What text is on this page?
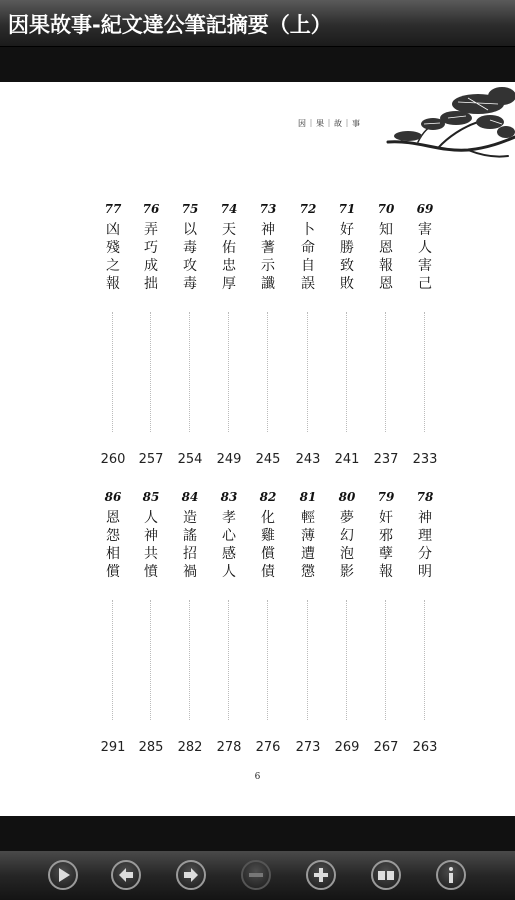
因果故事-紀文達公筆記摘要（上）
因｜果｜故｜事
77
凶
殘
之
報
260
76
弄
巧
成
拙
257
75
以
毒
攻
毒
254
74
天
佑
忠
厚
249
73
神
蓍
示
讖
245
72
卜
命
自
誤
243
71
好
勝
致
敗
241
70
知
恩
報
恩
237
69
害
人
害
己
233
86
恩
怨
相
償
291
85
人
神
共
憤
285
84
造
謠
招
禍
282
83
孝
心
感
人
278
82
化
雞
償
債
276
81
輕
薄
遭
懲
273
80
夢
幻
泡
影
269
79
奸
邪
孽
報
267
78
神
理
分
明
263
6
